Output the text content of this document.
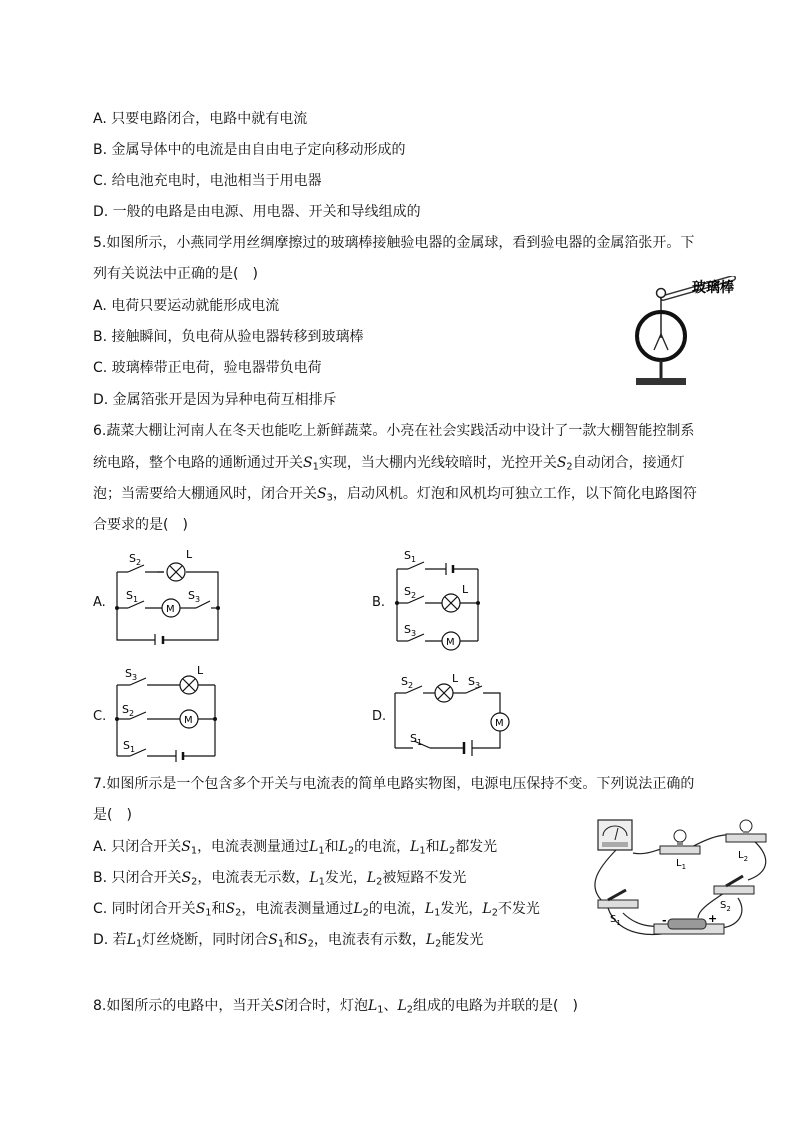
A. 只要电路闭合，电路中就有电流
B. 金属导体中的电流是由自由电子定向移动形成的
C. 给电池充电时，电池相当于用电器
D. 一般的电路是由电源、用电器、开关和导线组成的
5.如图所示，小燕同学用丝绸摩擦过的玻璃棒接触验电器的金属球，看到验电器的金属箔张开。下
列有关说法中正确的是(　)
A. 电荷只要运动就能形成电流
B. 接触瞬间，负电荷从验电器转移到玻璃棒
C. 玻璃棒带正电荷，验电器带负电荷
D. 金属箔张开是因为异种电荷互相排斥
玻璃棒
6.蔬菜大棚让河南人在冬天也能吃上新鲜蔬菜。小亮在社会实践活动中设计了一款大棚智能控制系
统电路，整个电路的通断通过开关$S_1$实现，当大棚内光线较暗时，光控开关$S_2$自动闭合，接通灯
泡；当需要给大棚通风时，闭合开关$S_3$，启动风机。灯泡和风机均可独立工作，以下简化电路图符
合要求的是(　)
A.	B.
C.	D.
M
$S_2$
L
$S_1$	$S_3$
M
$S_1$
$S_2$	L
$S_3$
M
$S_3$
L
$S_2$
$S_1$
M
$S_2$
L $S_3$
$S_1$
7.如图所示是一个包含多个开关与电流表的简单电路实物图，电源电压保持不变。下列说法正确的
是(　)
A. 只闭合开关$S_1$，电流表测量通过$L_1$和$L_2$的电流，$L_1$和$L_2$都发光
B. 只闭合开关$S_2$，电流表无示数，$L_1$发光，$L_2$被短路不发光
C. 同时闭合开关$S_1$和$S_2$，电流表测量通过$L_2$的电流，$L_1$发光，$L_2$不发光
D. 若$L_1$灯丝烧断，同时闭合$S_1$和$S_2$，电流表有示数，$L_2$能发光
$L_1$
$L_2$
$S_2$
$S_1$	-	+
8.如图所示的电路中，当开关S闭合时，灯泡$L_1$、$L_2$组成的电路为并联的是(　)
